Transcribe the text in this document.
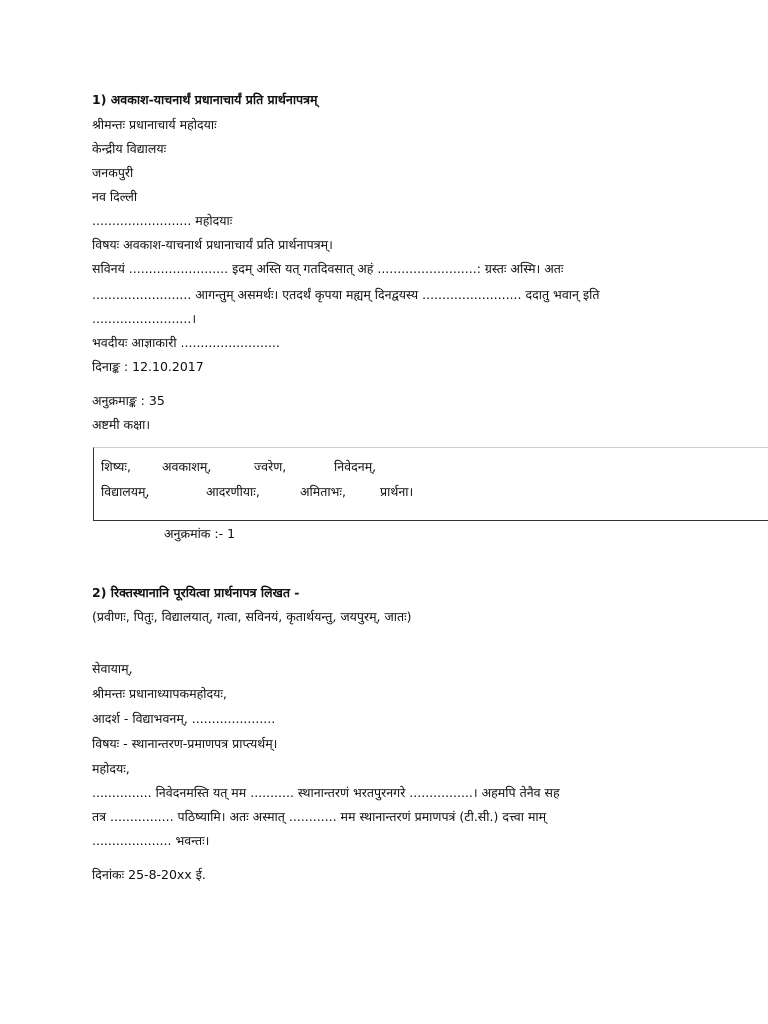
1) अवकाश-याचनार्थं प्रधानाचार्यं प्रति प्रार्थनापत्रम्
श्रीमन्तः प्रधानाचार्य महोदयाः
केन्द्रीय विद्यालयः
जनकपुरी
नव दिल्ली
......................... महोदयाः
विषयः अवकाश-याचनार्थ प्रधानाचार्यं प्रति प्रार्थनापत्रम्।
सविनयं ......................... इदम् अस्ति यत् गतदिवसात् अहं .........................: ग्रस्तः अस्मि। अतः
......................... आगन्तुम् असमर्थः। एतदर्थं कृपया मह्यम् दिनद्वयस्य ......................... ददातु भवान् इति
.........................।
भवदीयः आज्ञाकारी .........................
दिनाङ्क : 12.10.2017
अनुक्रमाङ्क : 35
अष्टमी कक्षा।
शिष्यः, अवकाशम्,	ज्वरेण,	निवेदनम्,
विद्यालयम्,	आदरणीयाः,	अमिताभः,	प्रार्थना।
अनुक्रमांक :- 1
2) रिक्तस्थानानि पूरयित्वा प्रार्थनापत्र लिखत -
(प्रवीणः, पितुः, विद्यालयात्, गत्वा, सविनयं, कृतार्थयन्तु, जयपुरम्, जातः)
सेवायाम्,
श्रीमन्तः प्रधानाध्यापकमहोदयः,
आदर्श - विद्याभवनम्, .....................
विषयः - स्थानान्तरण-प्रमाणपत्र प्राप्त्यर्थम्।
महोदयः,
............... निवेदनमस्ति यत् मम ........... स्थानान्तरणं भरतपुरनगरे ................। अहमपि तेनैव सह
तत्र ................ पठिष्यामि। अतः अस्मात् ............ मम स्थानान्तरणं प्रमाणपत्रं (टी.सी.) दत्त्वा माम्
.................... भवन्तः।
दिनांकः 25-8-20xx ई.
